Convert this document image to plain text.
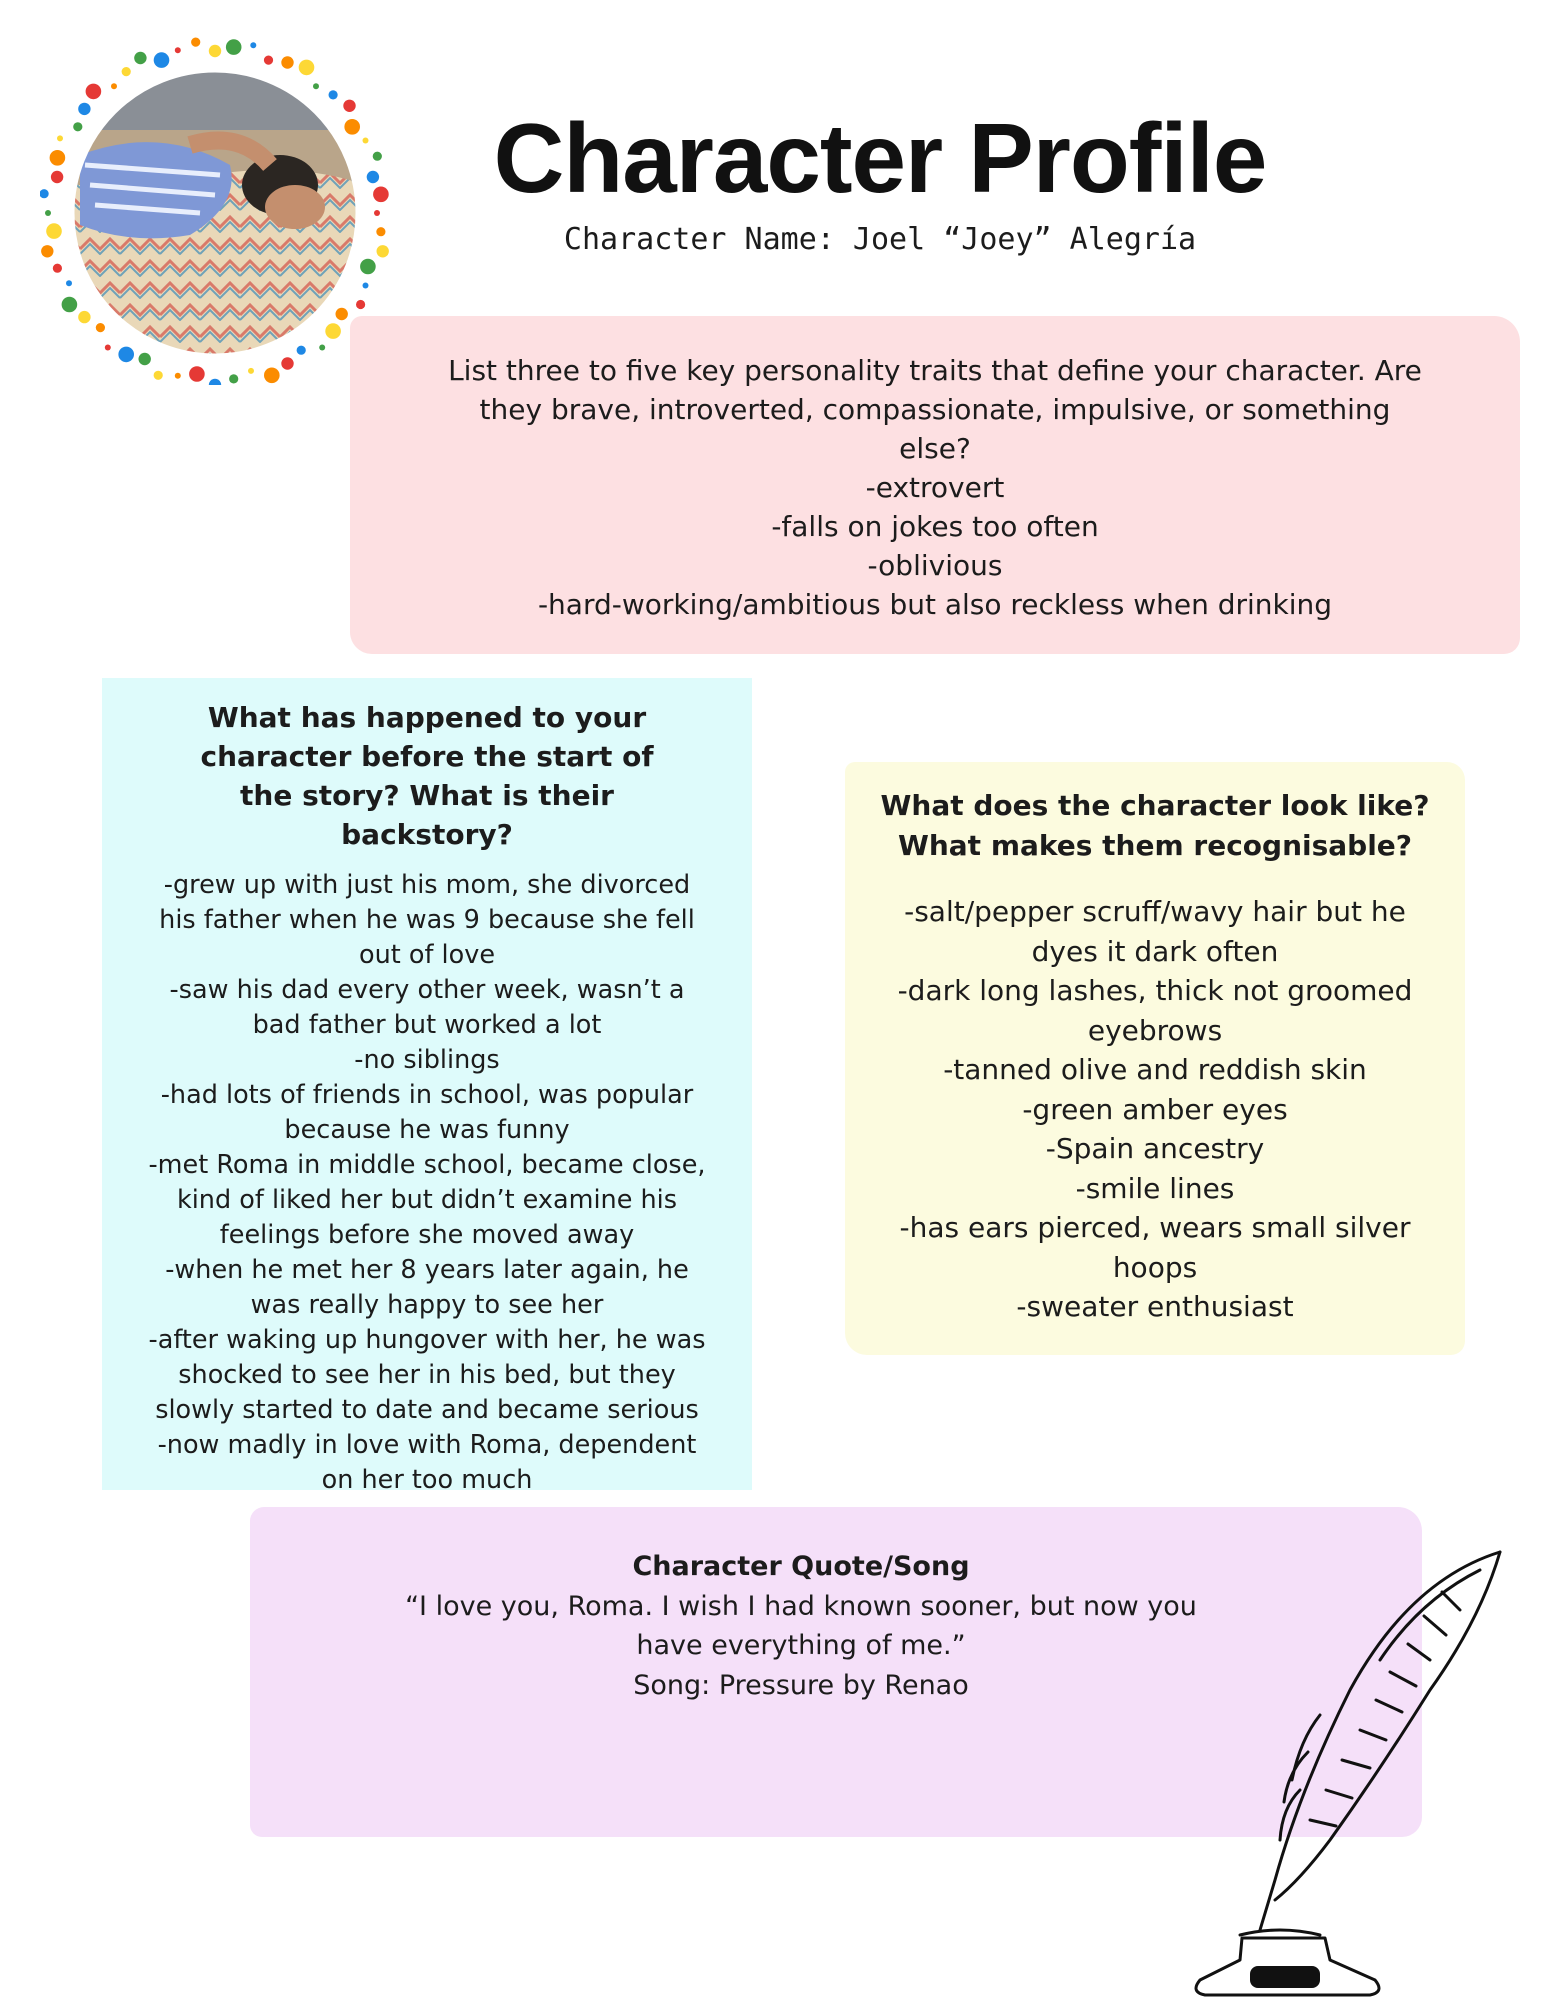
Character Profile
Character Name: Joel “Joey” Alegría

List three to five key personality traits that define your character. Are they brave, introverted, compassionate, impulsive, or something else?

-extrovert
-falls on jokes too often
-oblivious
-hard-working/ambitious but also reckless when drinking

What has happened to your character before the start of the story? What is their backstory?

-grew up with just his mom, she divorced his father when he was 9 because she fell out of love
-saw his dad every other week, wasn’t a bad father but worked a lot
-no siblings
-had lots of friends in school, was popular because he was funny
-met Roma in middle school, became close, kind of liked her but didn’t examine his feelings before she moved away
-when he met her 8 years later again, he was really happy to see her
-after waking up hungover with her, he was shocked to see her in his bed, but they slowly started to date and became serious
-now madly in love with Roma, dependent on her too much

What does the character look like? What makes them recognisable?

-salt/pepper scruff/wavy hair but he dyes it dark often
-dark long lashes, thick not groomed eyebrows
-tanned olive and reddish skin
-green amber eyes
-Spain ancestry
-smile lines
-has ears pierced, wears small silver hoops
-sweater enthusiast

Character Quote/Song

“I love you, Roma. I wish I had known sooner, but now you have everything of me.”

Song: Pressure by Renao
